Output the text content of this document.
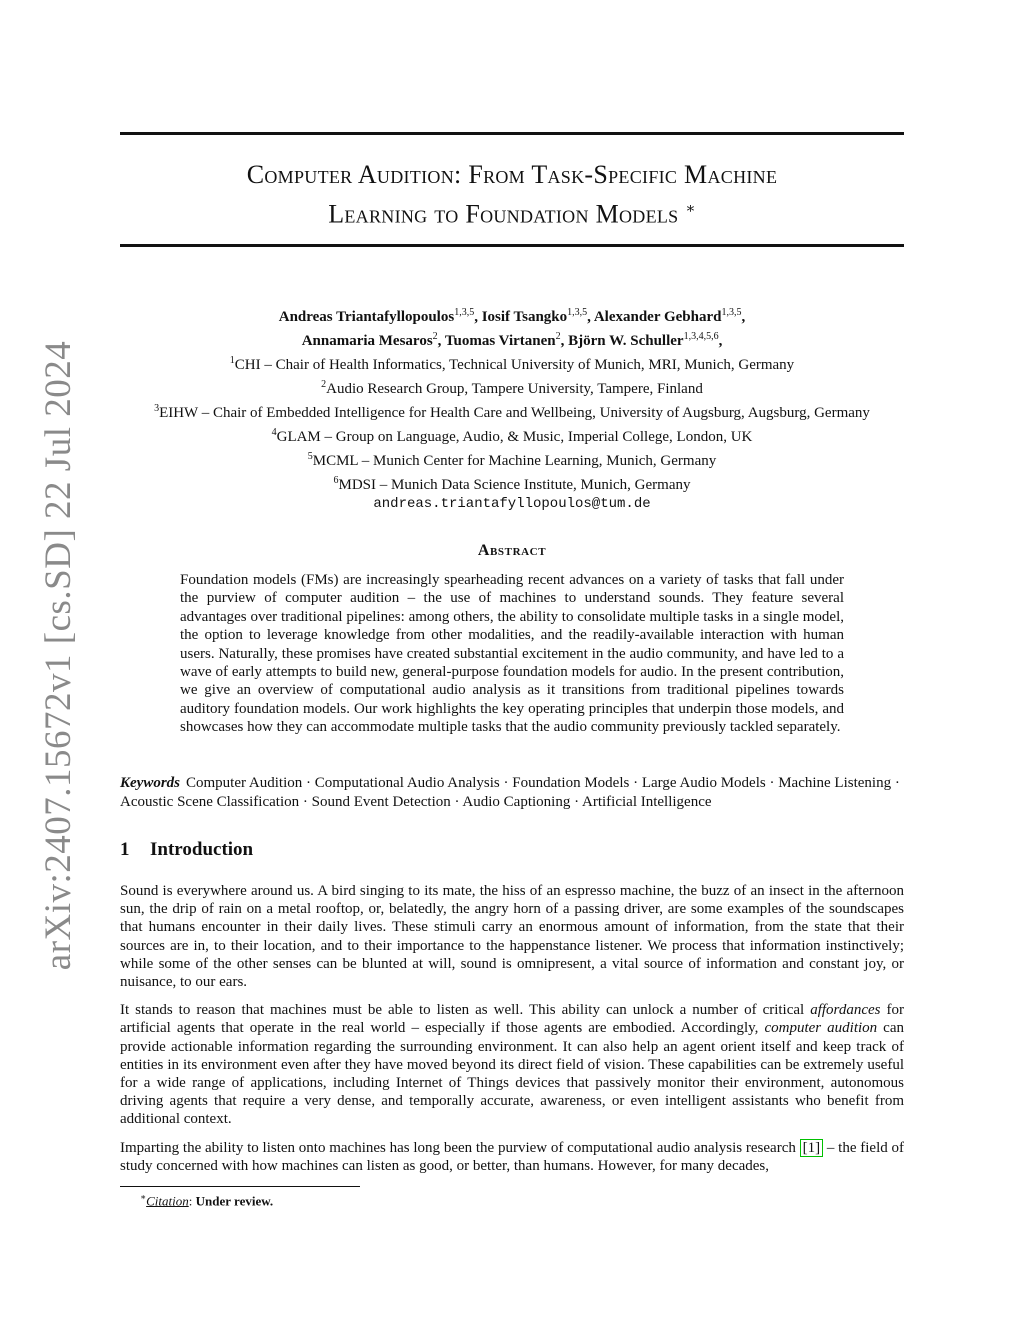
arXiv:2407.15672v1 [cs.SD] 22 Jul 2024
Computer Audition: From Task-Specific Machine
Learning to Foundation Models ∗
Andreas Triantafyllopoulos$^{1,3,5}$, Iosif Tsangko$^{1,3,5}$, Alexander Gebhard$^{1,3,5}$,
Annamaria Mesaros$^2$, Tuomas Virtanen$^2$, Björn W. Schuller$^{1,3,4,5,6}$,
$^1$CHI – Chair of Health Informatics, Technical University of Munich, MRI, Munich, Germany
$^2$Audio Research Group, Tampere University, Tampere, Finland
$^3$EIHW – Chair of Embedded Intelligence for Health Care and Wellbeing, University of Augsburg, Augsburg, Germany
$^4$GLAM – Group on Language, Audio, & Music, Imperial College, London, UK
$^5$MCML – Munich Center for Machine Learning, Munich, Germany
$^6$MDSI – Munich Data Science Institute, Munich, Germany
andreas.triantafyllopoulos@tum.de
Abstract
Foundation models (FMs) are increasingly spearheading recent advances on a variety of tasks that fall under the purview of computer audition – the use of machines to understand sounds. They feature several advantages over traditional pipelines: among others, the ability to consolidate multiple tasks in a single model, the option to leverage knowledge from other modalities, and the readily-available interaction with human users. Naturally, these promises have created substantial excitement in the audio community, and have led to a wave of early attempts to build new, general-purpose foundation models for audio. In the present contribution, we give an overview of computational audio analysis as it transitions from traditional pipelines towards auditory foundation models. Our work highlights the key operating principles that underpin those models, and showcases how they can accommodate multiple tasks that the audio community previously tackled separately.
Keywords Computer Audition · Computational Audio Analysis · Foundation Models · Large Audio Models · Machine Listening · Acoustic Scene Classification · Sound Event Detection · Audio Captioning · Artificial Intelligence
1 Introduction

Sound is everywhere around us. A bird singing to its mate, the hiss of an espresso machine, the buzz of an insect in the afternoon sun, the drip of rain on a metal rooftop, or, belatedly, the angry horn of a passing driver, are some examples of the soundscapes that humans encounter in their daily lives. These stimuli carry an enormous amount of information, from the state that their sources are in, to their location, and to their importance to the happenstance listener. We process that information instinctively; while some of the other senses can be blunted at will, sound is omnipresent, a vital source of information and constant joy, or nuisance, to our ears.

It stands to reason that machines must be able to listen as well. This ability can unlock a number of critical affordances for artificial agents that operate in the real world – especially if those agents are embodied. Accordingly, computer audition can provide actionable information regarding the surrounding environment. It can also help an agent orient itself and keep track of entities in its environment even after they have moved beyond its direct field of vision. These capabilities can be extremely useful for a wide range of applications, including Internet of Things devices that passively monitor their environment, autonomous driving agents that require a very dense, and temporally accurate, awareness, or even intelligent assistants who benefit from additional context.

Imparting the ability to listen onto machines has long been the purview of computational audio analysis research [1] – the field of study concerned with how machines can listen as good, or better, than humans. However, for many decades,

∗Citation: Under review.
